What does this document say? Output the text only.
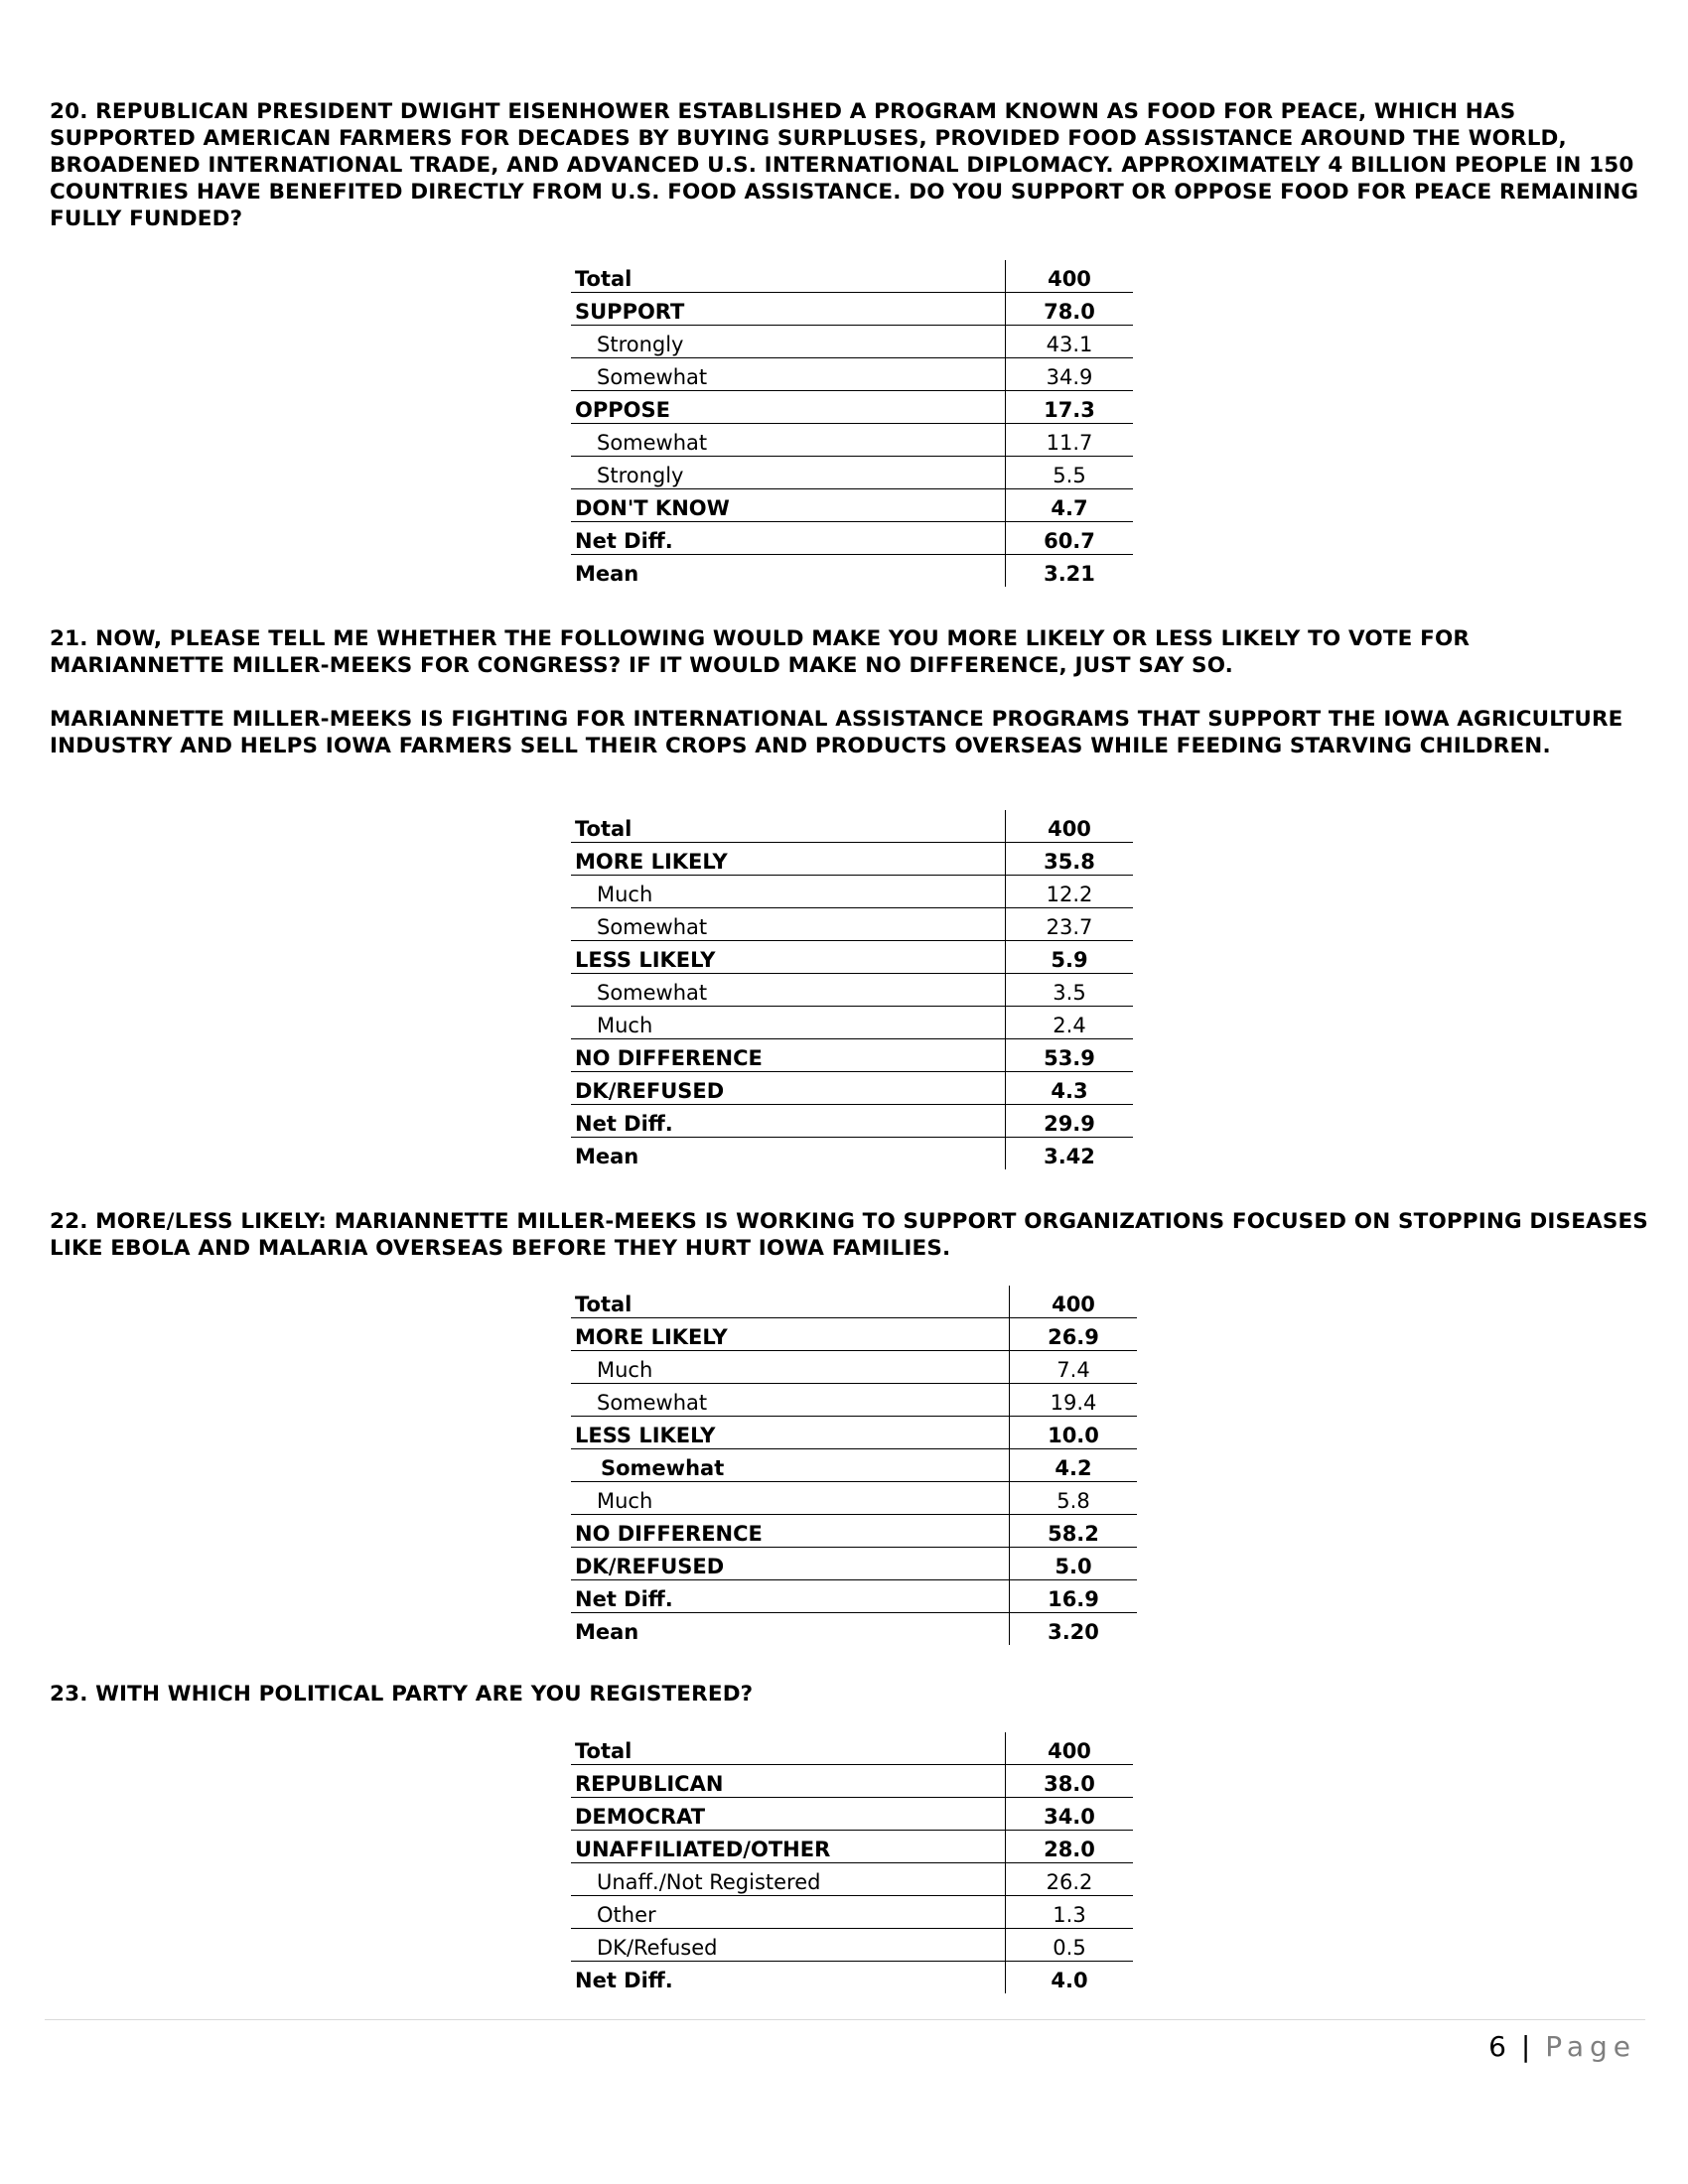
20. REPUBLICAN PRESIDENT DWIGHT EISENHOWER ESTABLISHED A PROGRAM KNOWN AS FOOD FOR PEACE, WHICH HAS SUPPORTED AMERICAN FARMERS FOR DECADES BY BUYING SURPLUSES, PROVIDED FOOD ASSISTANCE AROUND THE WORLD, BROADENED INTERNATIONAL TRADE, AND ADVANCED U.S. INTERNATIONAL DIPLOMACY. APPROXIMATELY 4 BILLION PEOPLE IN 150 COUNTRIES HAVE BENEFITED DIRECTLY FROM U.S. FOOD ASSISTANCE. DO YOU SUPPORT OR OPPOSE FOOD FOR PEACE REMAINING FULLY FUNDED?

Total	400
SUPPORT	78.0
Strongly	43.1
Somewhat	34.9
OPPOSE	17.3
Somewhat	11.7
Strongly	5.5
DON'T KNOW	4.7
Net Diff.	60.7
Mean	3.21

21. NOW, PLEASE TELL ME WHETHER THE FOLLOWING WOULD MAKE YOU MORE LIKELY OR LESS LIKELY TO VOTE FOR MARIANNETTE MILLER-MEEKS FOR CONGRESS? IF IT WOULD MAKE NO DIFFERENCE, JUST SAY SO.

MARIANNETTE MILLER-MEEKS IS FIGHTING FOR INTERNATIONAL ASSISTANCE PROGRAMS THAT SUPPORT THE IOWA AGRICULTURE INDUSTRY AND HELPS IOWA FARMERS SELL THEIR CROPS AND PRODUCTS OVERSEAS WHILE FEEDING STARVING CHILDREN.

Total	400
MORE LIKELY	35.8
Much	12.2
Somewhat	23.7
LESS LIKELY	5.9
Somewhat	3.5
Much	2.4
NO DIFFERENCE	53.9
DK/REFUSED	4.3
Net Diff.	29.9
Mean	3.42

22. MORE/LESS LIKELY: MARIANNETTE MILLER-MEEKS IS WORKING TO SUPPORT ORGANIZATIONS FOCUSED ON STOPPING DISEASES LIKE EBOLA AND MALARIA OVERSEAS BEFORE THEY HURT IOWA FAMILIES.

Total	400
MORE LIKELY	26.9
Much	7.4
Somewhat	19.4
LESS LIKELY	10.0
Somewhat	4.2
Much	5.8
NO DIFFERENCE	58.2
DK/REFUSED	5.0
Net Diff.	16.9
Mean	3.20

23. WITH WHICH POLITICAL PARTY ARE YOU REGISTERED?

Total	400
REPUBLICAN	38.0
DEMOCRAT	34.0
UNAFFILIATED/OTHER	28.0
Unaff./Not Registered	26.2
Other	1.3
DK/Refused	0.5
Net Diff.	4.0
6 | Page
